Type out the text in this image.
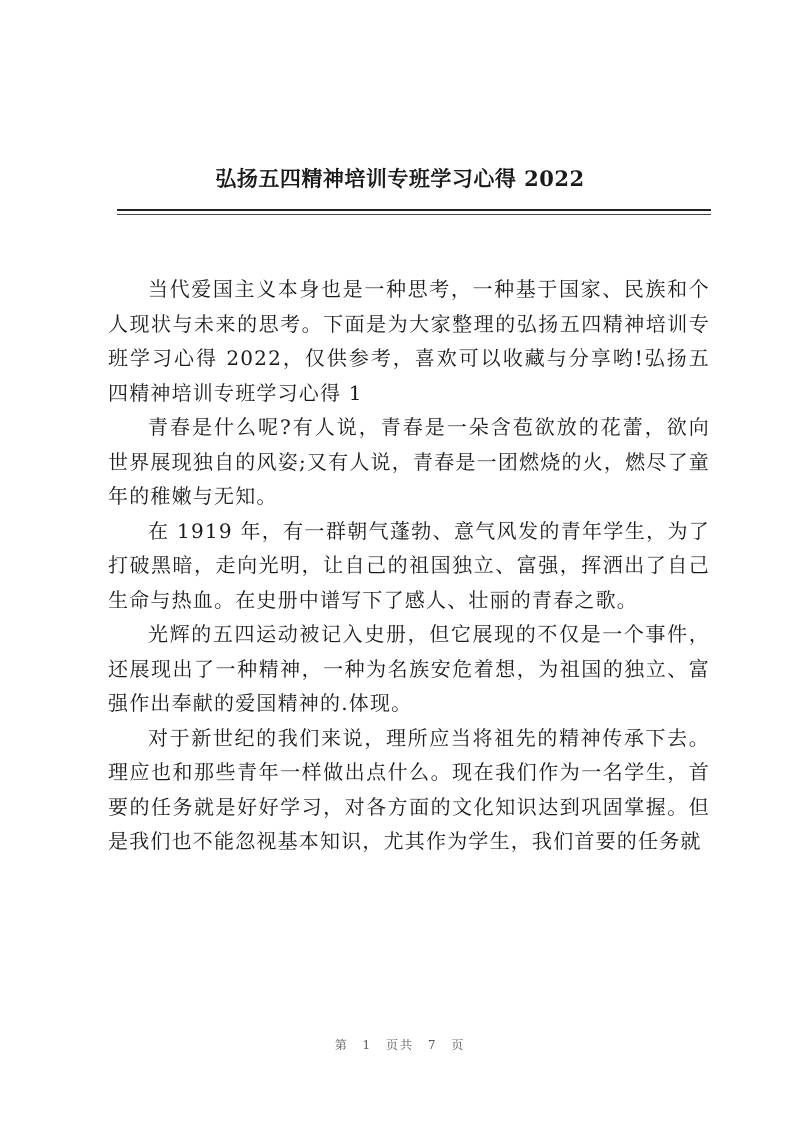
弘扬五四精神培训专班学习心得 2022

当代爱国主义本身也是一种思考，一种基于国家、民族和个人现状与未来的思考。下面是为大家整理的弘扬五四精神培训专班学习心得 2022，仅供参考，喜欢可以收藏与分享哟!弘扬五四精神培训专班学习心得 1

青春是什么呢?有人说，青春是一朵含苞欲放的花蕾，欲向世界展现独自的风姿;又有人说，青春是一团燃烧的火，燃尽了童年的稚嫩与无知。

在 1919 年，有一群朝气蓬勃、意气风发的青年学生，为了打破黑暗，走向光明，让自己的祖国独立、富强，挥洒出了自己生命与热血。在史册中谱写下了感人、壮丽的青春之歌。

光辉的五四运动被记入史册，但它展现的不仅是一个事件，还展现出了一种精神，一种为名族安危着想，为祖国的独立、富强作出奉献的爱国精神的.体现。

对于新世纪的我们来说，理所应当将祖先的精神传承下去。理应也和那些青年一样做出点什么。现在我们作为一名学生，首要的任务就是好好学习，对各方面的文化知识达到巩固掌握。但是我们也不能忽视基本知识，尤其作为学生，我们首要的任务就

第 1 页共 7 页
